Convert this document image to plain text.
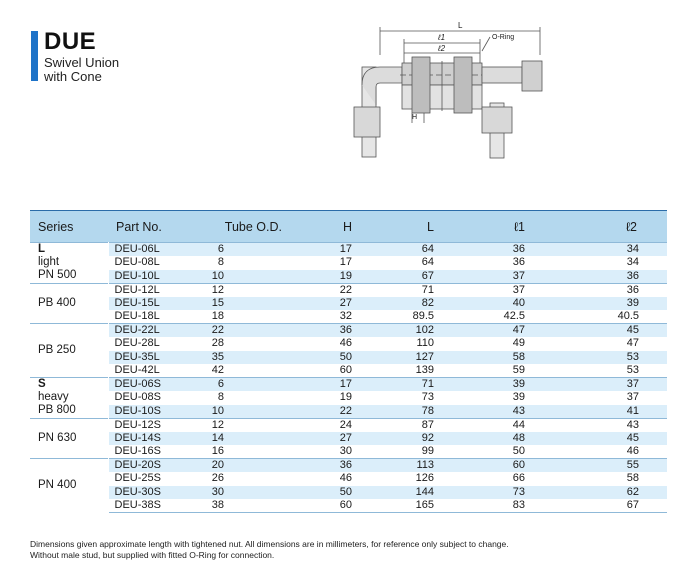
DUE
Swivel Union
with Cone
L
ℓ1
ℓ2
O-Ring
H
Series	Part No.	Tube O.D.	H	L	ℓ1	ℓ2

L
light
PN 500	DEU-06L	6	17	64	36	34
	DEU-08L	8	17	64	36	34
	DEU-10L	10	19	67	37	36

PB 400	DEU-12L	12	22	71	37	36
	DEU-15L	15	27	82	40	39
	DEU-18L	18	32	89.5	42.5	40.5

PB 250	DEU-22L	22	36	102	47	45
	DEU-28L	28	46	110	49	47
	DEU-35L	35	50	127	58	53
	DEU-42L	42	60	139	59	53

S
heavy
PB 800	DEU-06S	6	17	71	39	37
	DEU-08S	8	19	73	39	37
	DEU-10S	10	22	78	43	41

PN 630	DEU-12S	12	24	87	44	43
	DEU-14S	14	27	92	48	45
	DEU-16S	16	30	99	50	46

PN 400	DEU-20S	20	36	113	60	55
	DEU-25S	26	46	126	66	58
	DEU-30S	30	50	144	73	62
	DEU-38S	38	60	165	83	67
Dimensions given approximate length with tightened nut. All dimensions are in millimeters, for reference only subject to change.
Without male stud, but supplied with fitted O-Ring for connection.
